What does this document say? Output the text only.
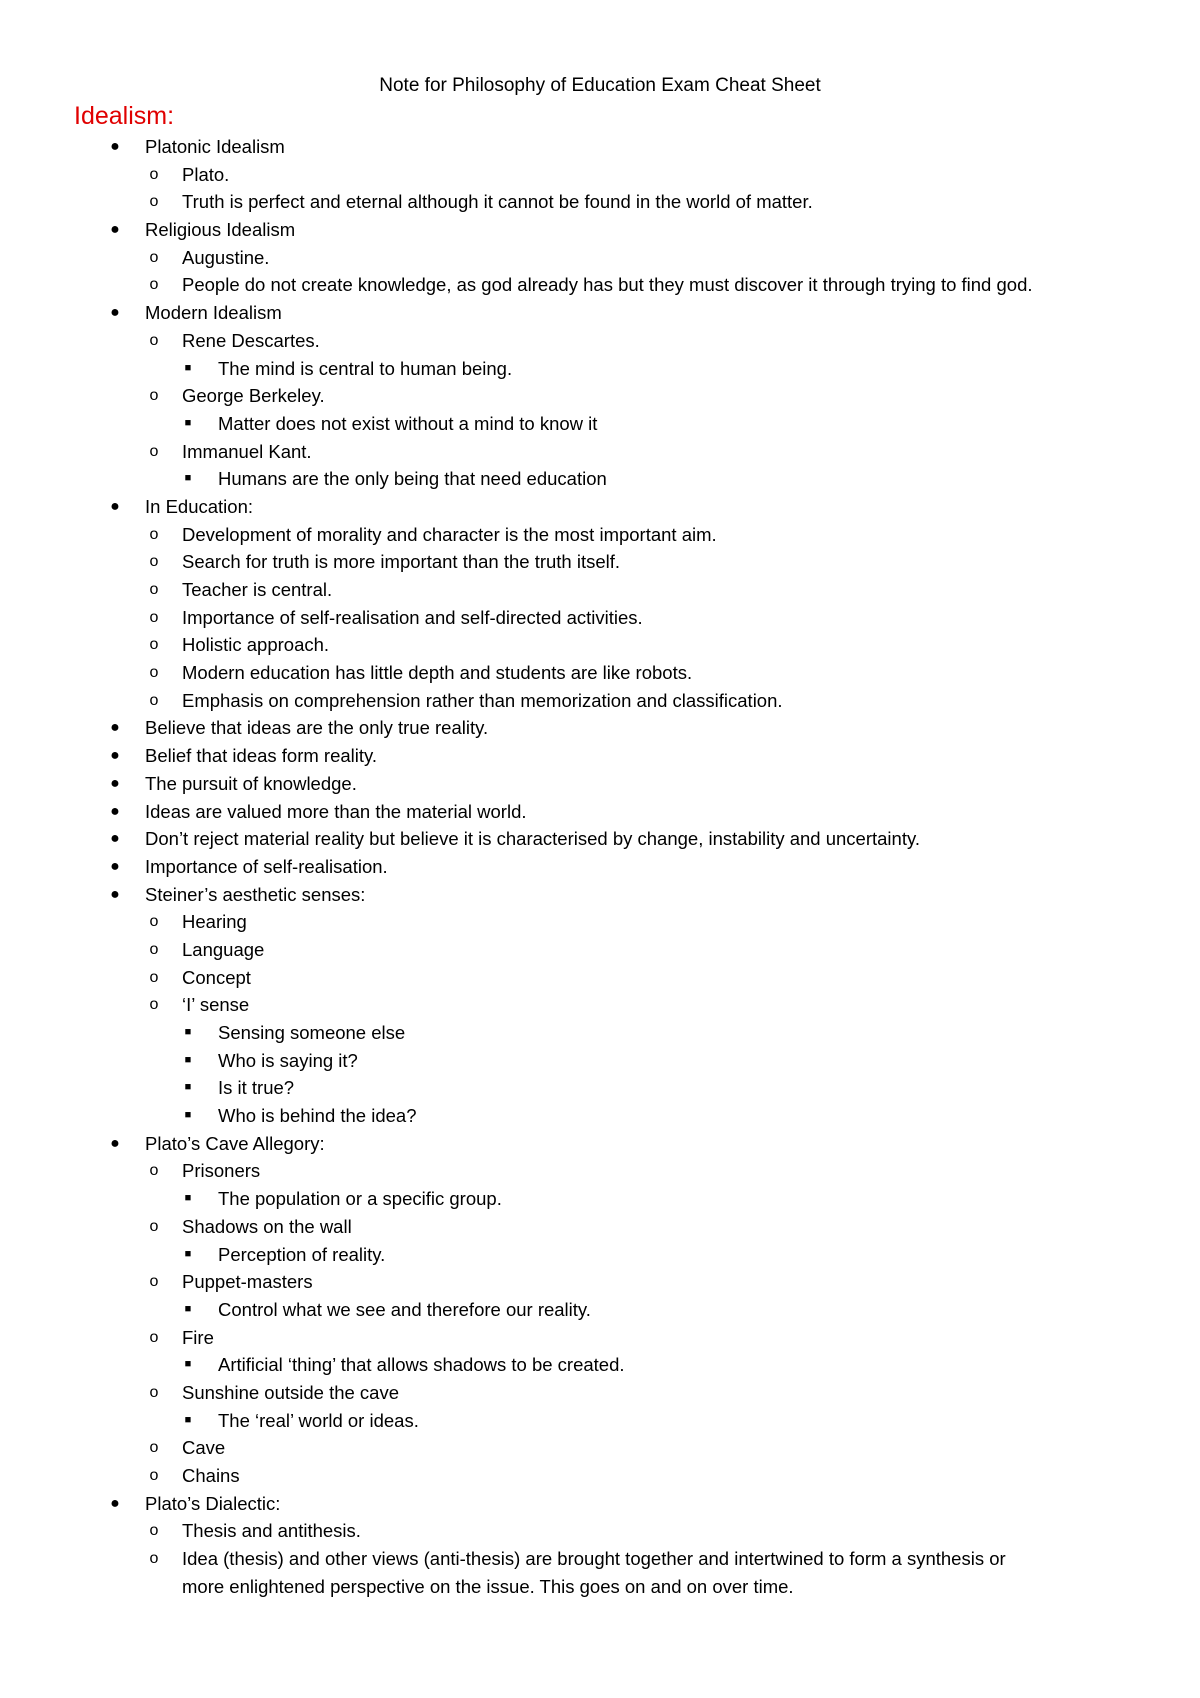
Note for Philosophy of Education Exam Cheat Sheet
Idealism:
● Platonic Idealism
o Plato.
o Truth is perfect and eternal although it cannot be found in the world of matter.
● Religious Idealism
o Augustine.
o People do not create knowledge, as god already has but they must discover it through trying to find god.
● Modern Idealism
o Rene Descartes.
■	The mind is central to human being.
o George Berkeley.
■	Matter does not exist without a mind to know it
o Immanuel Kant.
■	Humans are the only being that need education
● In Education:
o Development of morality and character is the most important aim.
o Search for truth is more important than the truth itself.
o Teacher is central.
o Importance of self-realisation and self-directed activities.
o Holistic approach.
o Modern education has little depth and students are like robots.
o Emphasis on comprehension rather than memorization and classification.
● Believe that ideas are the only true reality.
● Belief that ideas form reality.
● The pursuit of knowledge.
● Ideas are valued more than the material world.
● Don’t reject material reality but believe it is characterised by change, instability and uncertainty.
● Importance of self-realisation.
● Steiner’s aesthetic senses:
o Hearing
o Language
o Concept
o ‘I’ sense
■	Sensing someone else
■	Who is saying it?
■	Is it true?
■	Who is behind the idea?
● Plato’s Cave Allegory:
o Prisoners
■	The population or a specific group.
o Shadows on the wall
■	Perception of reality.
o Puppet-masters
■	Control what we see and therefore our reality.
o Fire
■	Artificial ‘thing’ that allows shadows to be created.
o Sunshine outside the cave
■	The ‘real’ world or ideas.
o Cave
o Chains
● Plato’s Dialectic:
o Thesis and antithesis.
o Idea (thesis) and other views (anti-thesis) are brought together and intertwined to form a synthesis or
more enlightened perspective on the issue. This goes on and on over time.
